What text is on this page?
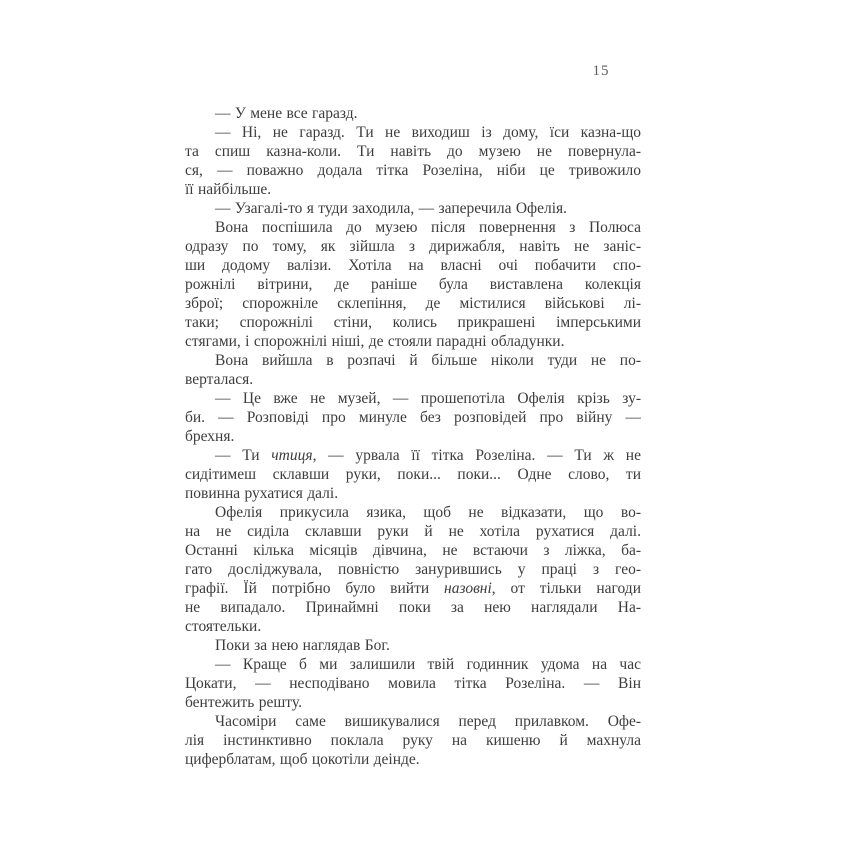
15
— У мене все гаразд.
— Ні, не гаразд. Ти не виходиш із дому, їси казна-що
та спиш казна-коли. Ти навіть до музею не повернула-
ся, — поважно додала тітка Розеліна, ніби це тривожило
її найбільше.
— Узагалі-то я туди заходила, — заперечила Офелія.
Вона поспішила до музею після повернення з Полюса
одразу по тому, як зійшла з дирижабля, навіть не заніс-
ши додому валізи. Хотіла на власні очі побачити спо-
рожнілі вітрини, де раніше була виставлена колекція
зброї; спорожніле склепіння, де містилися військові лі-
таки; спорожнілі стіни, колись прикрашені імперськими
стягами, і спорожнілі ніші, де стояли парадні обладунки.
Вона вийшла в розпачі й більше ніколи туди не по-
верталася.
— Це вже не музей, — прошепотіла Офелія крізь зу-
би. — Розповіді про минуле без розповідей про війну —
брехня.
— Ти чтиця, — урвала її тітка Розеліна. — Ти ж не
сидітимеш склавши руки, поки... поки... Одне слово, ти
повинна рухатися далі.
Офелія прикусила язика, щоб не відказати, що во-
на не сиділа склавши руки й не хотіла рухатися далі.
Останні кілька місяців дівчина, не встаючи з ліжка, ба-
гато досліджувала, повністю занурившись у праці з гео-
графії. Їй потрібно було вийти назовні, от тільки нагоди
не випадало. Принаймні поки за нею наглядали На-
стоятельки.
Поки за нею наглядав Бог.
— Краще б ми залишили твій годинник удома на час
Цокати, — несподівано мовила тітка Розеліна. — Він
бентежить решту.
Часоміри саме вишикувалися перед прилавком. Офе-
лія інстинктивно поклала руку на кишеню й махнула
циферблатам, щоб цокотіли деінде.
